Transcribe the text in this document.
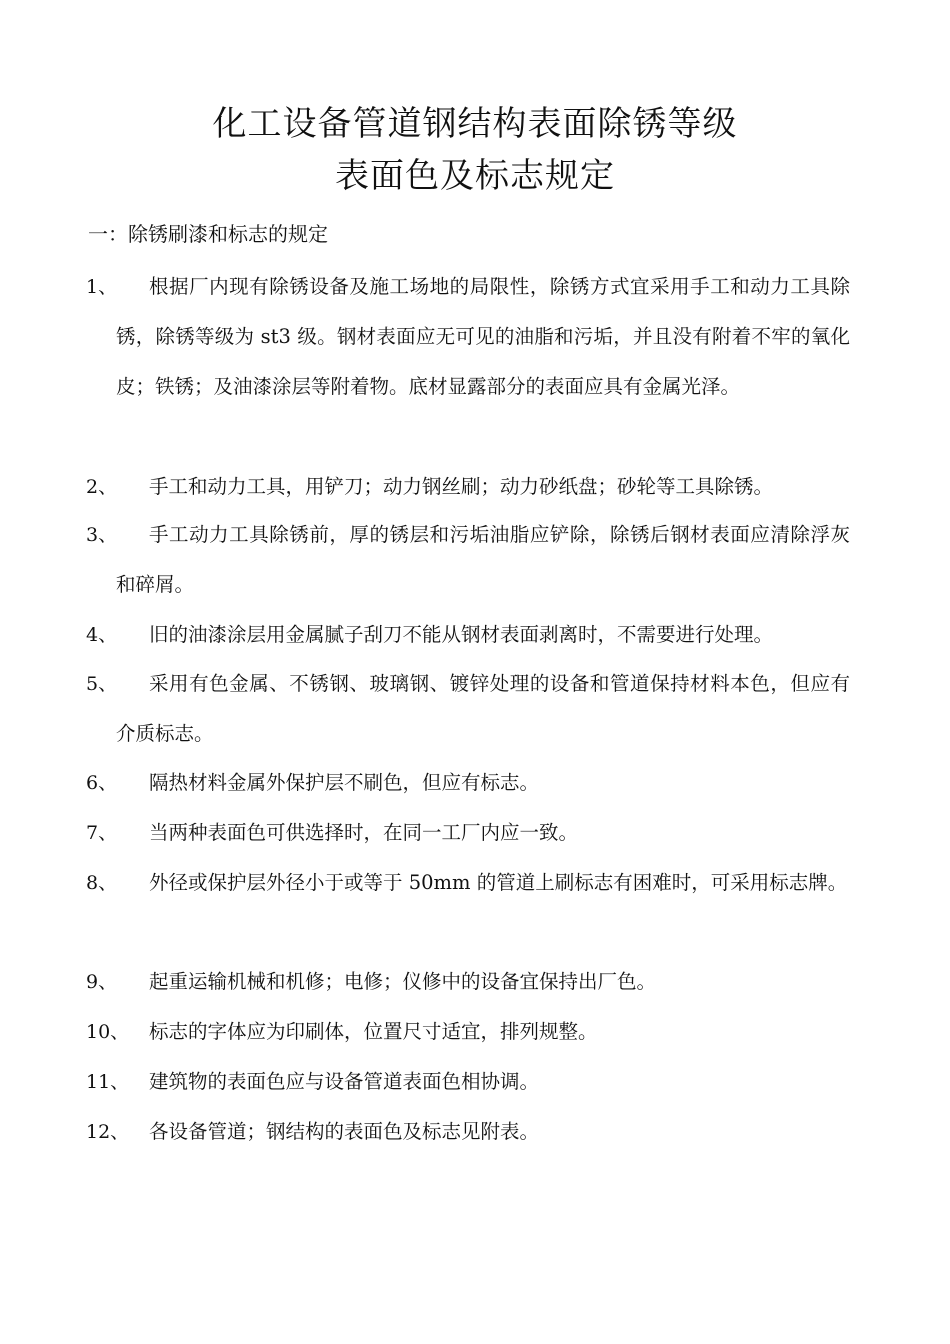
化工设备管道钢结构表面除锈等级
表面色及标志规定
一：除锈刷漆和标志的规定
1、	根据厂内现有除锈设备及施工场地的局限性，除锈方式宜采用手工和动力工具除锈，除锈等级为 st3 级。钢材表面应无可见的油脂和污垢，并且没有附着不牢的氧化皮；铁锈；及油漆涂层等附着物。底材显露部分的表面应具有金属光泽。
2、	手工和动力工具，用铲刀；动力钢丝刷；动力砂纸盘；砂轮等工具除锈。
3、	手工动力工具除锈前，厚的锈层和污垢油脂应铲除，除锈后钢材表面应清除浮灰和碎屑。
4、	旧的油漆涂层用金属腻子刮刀不能从钢材表面剥离时，不需要进行处理。
5、	采用有色金属、不锈钢、玻璃钢、镀锌处理的设备和管道保持材料本色，但应有介质标志。
6、	隔热材料金属外保护层不刷色，但应有标志。
7、	当两种表面色可供选择时，在同一工厂内应一致。
8、	外径或保护层外径小于或等于 50mm 的管道上刷标志有困难时，可采用标志牌。
9、	起重运输机械和机修；电修；仪修中的设备宜保持出厂色。
10、	标志的字体应为印刷体，位置尺寸适宜，排列规整。
11、	建筑物的表面色应与设备管道表面色相协调。
12、	各设备管道；钢结构的表面色及标志见附表。
